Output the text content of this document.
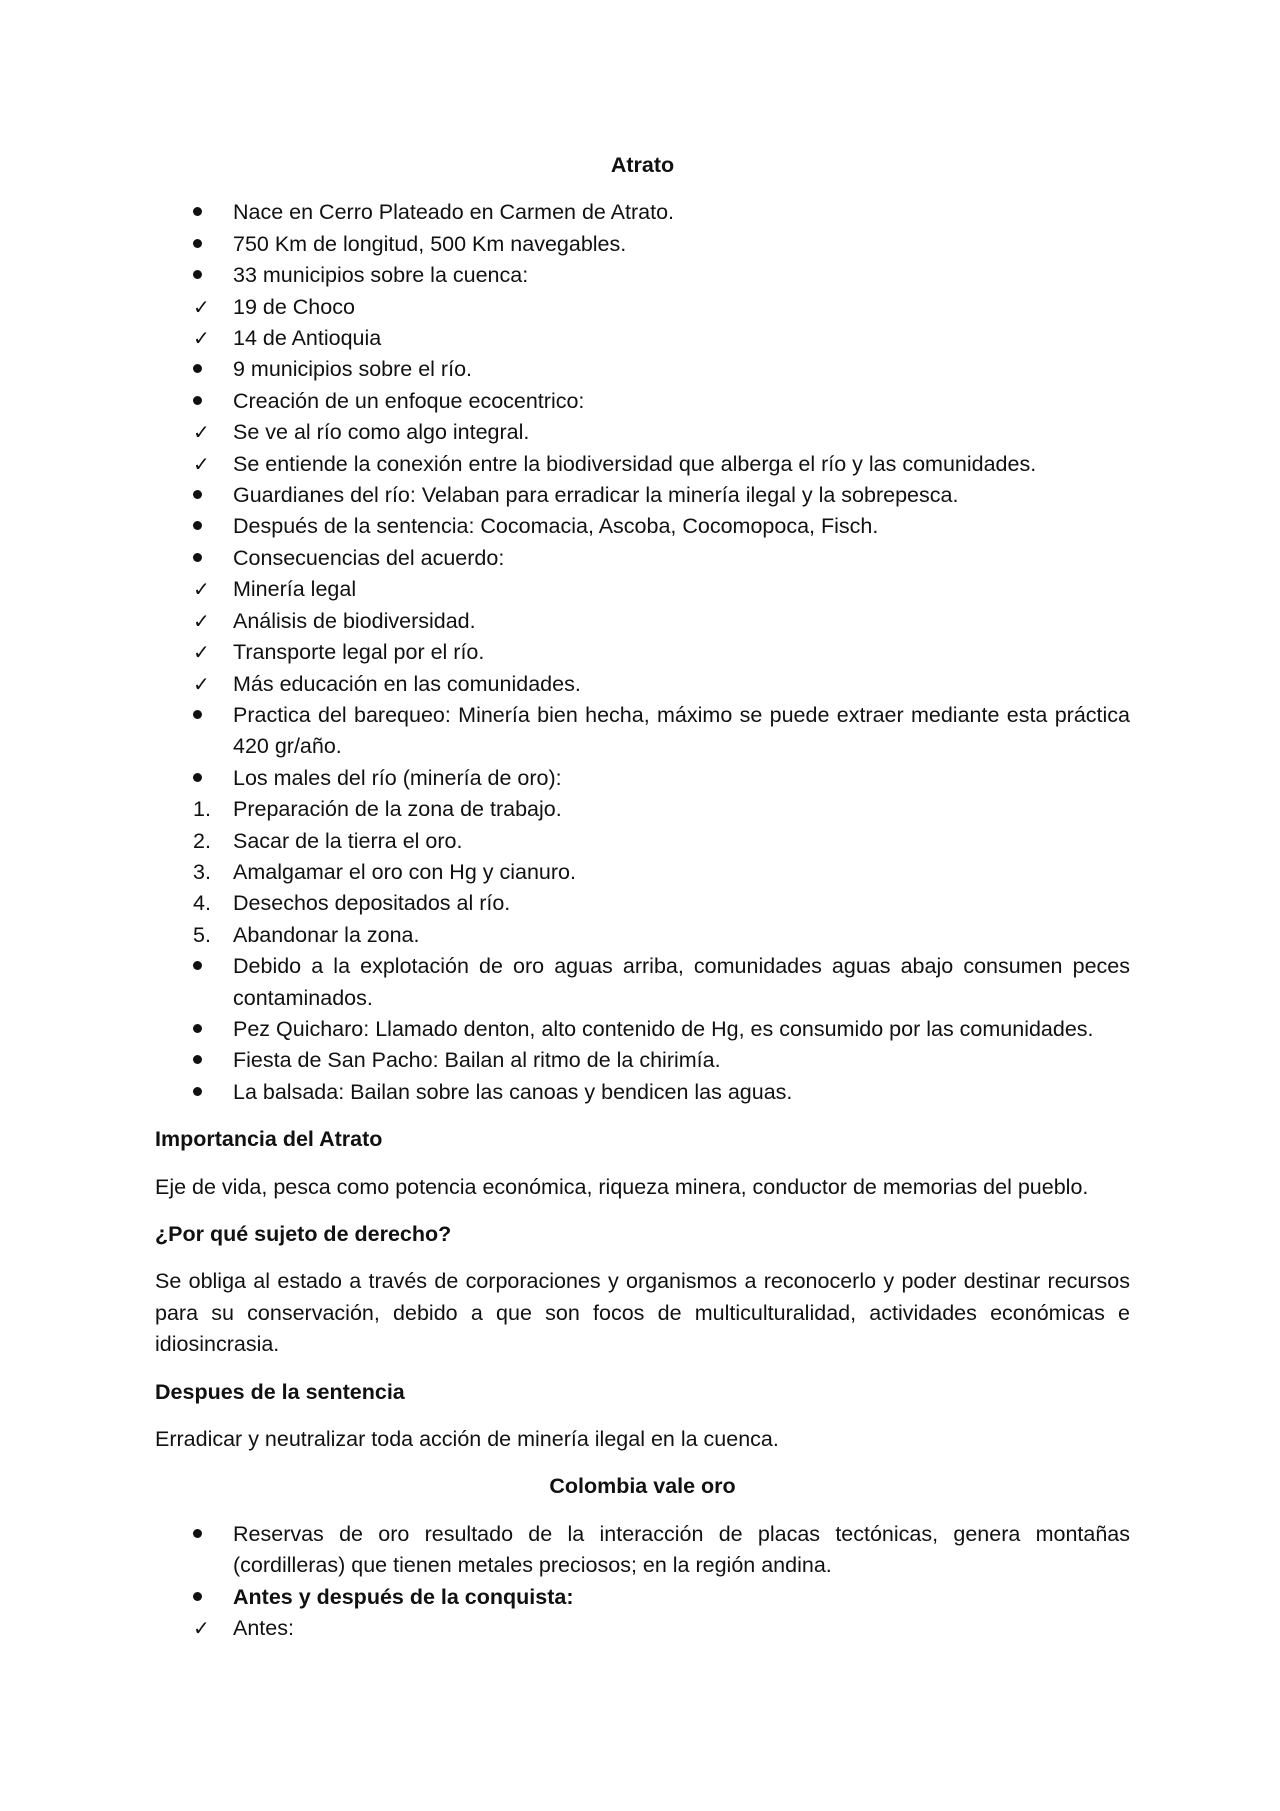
Atrato
Nace en Cerro Plateado en Carmen de Atrato.
750 Km de longitud, 500 Km navegables.
33 municipios sobre la cuenca:
✓	19 de Choco
✓	14 de Antioquia
9 municipios sobre el río.
Creación de un enfoque ecocentrico:
✓	Se ve al río como algo integral.
✓	Se entiende la conexión entre la biodiversidad que alberga el río y las comunidades.
Guardianes del río: Velaban para erradicar la minería ilegal y la sobrepesca.
Después de la sentencia: Cocomacia, Ascoba, Cocomopoca, Fisch.
Consecuencias del acuerdo:
✓	Minería legal
✓	Análisis de biodiversidad.
✓	Transporte legal por el río.
✓	Más educación en las comunidades.
Practica del barequeo: Minería bien hecha, máximo se puede extraer mediante esta práctica 420 gr/año.
Los males del río (minería de oro):
1.	Preparación de la zona de trabajo.
2.	Sacar de la tierra el oro.
3.	Amalgamar el oro con Hg y cianuro.
4.	Desechos depositados al río.
5.	Abandonar la zona.
Debido a la explotación de oro aguas arriba, comunidades aguas abajo consumen peces contaminados.
Pez Quicharo: Llamado denton, alto contenido de Hg, es consumido por las comunidades.
Fiesta de San Pacho: Bailan al ritmo de la chirimía.
La balsada: Bailan sobre las canoas y bendicen las aguas.
Importancia del Atrato
Eje de vida, pesca como potencia económica, riqueza minera, conductor de memorias del pueblo.
¿Por qué sujeto de derecho?
Se obliga al estado a través de corporaciones y organismos a reconocerlo y poder destinar recursos para su conservación, debido a que son focos de multiculturalidad, actividades económicas e idiosincrasia.
Despues de la sentencia
Erradicar y neutralizar toda acción de minería ilegal en la cuenca.
Colombia vale oro
Reservas de oro resultado de la interacción de placas tectónicas, genera montañas (cordilleras) que tienen metales preciosos; en la región andina.
Antes y después de la conquista:
✓	Antes:
